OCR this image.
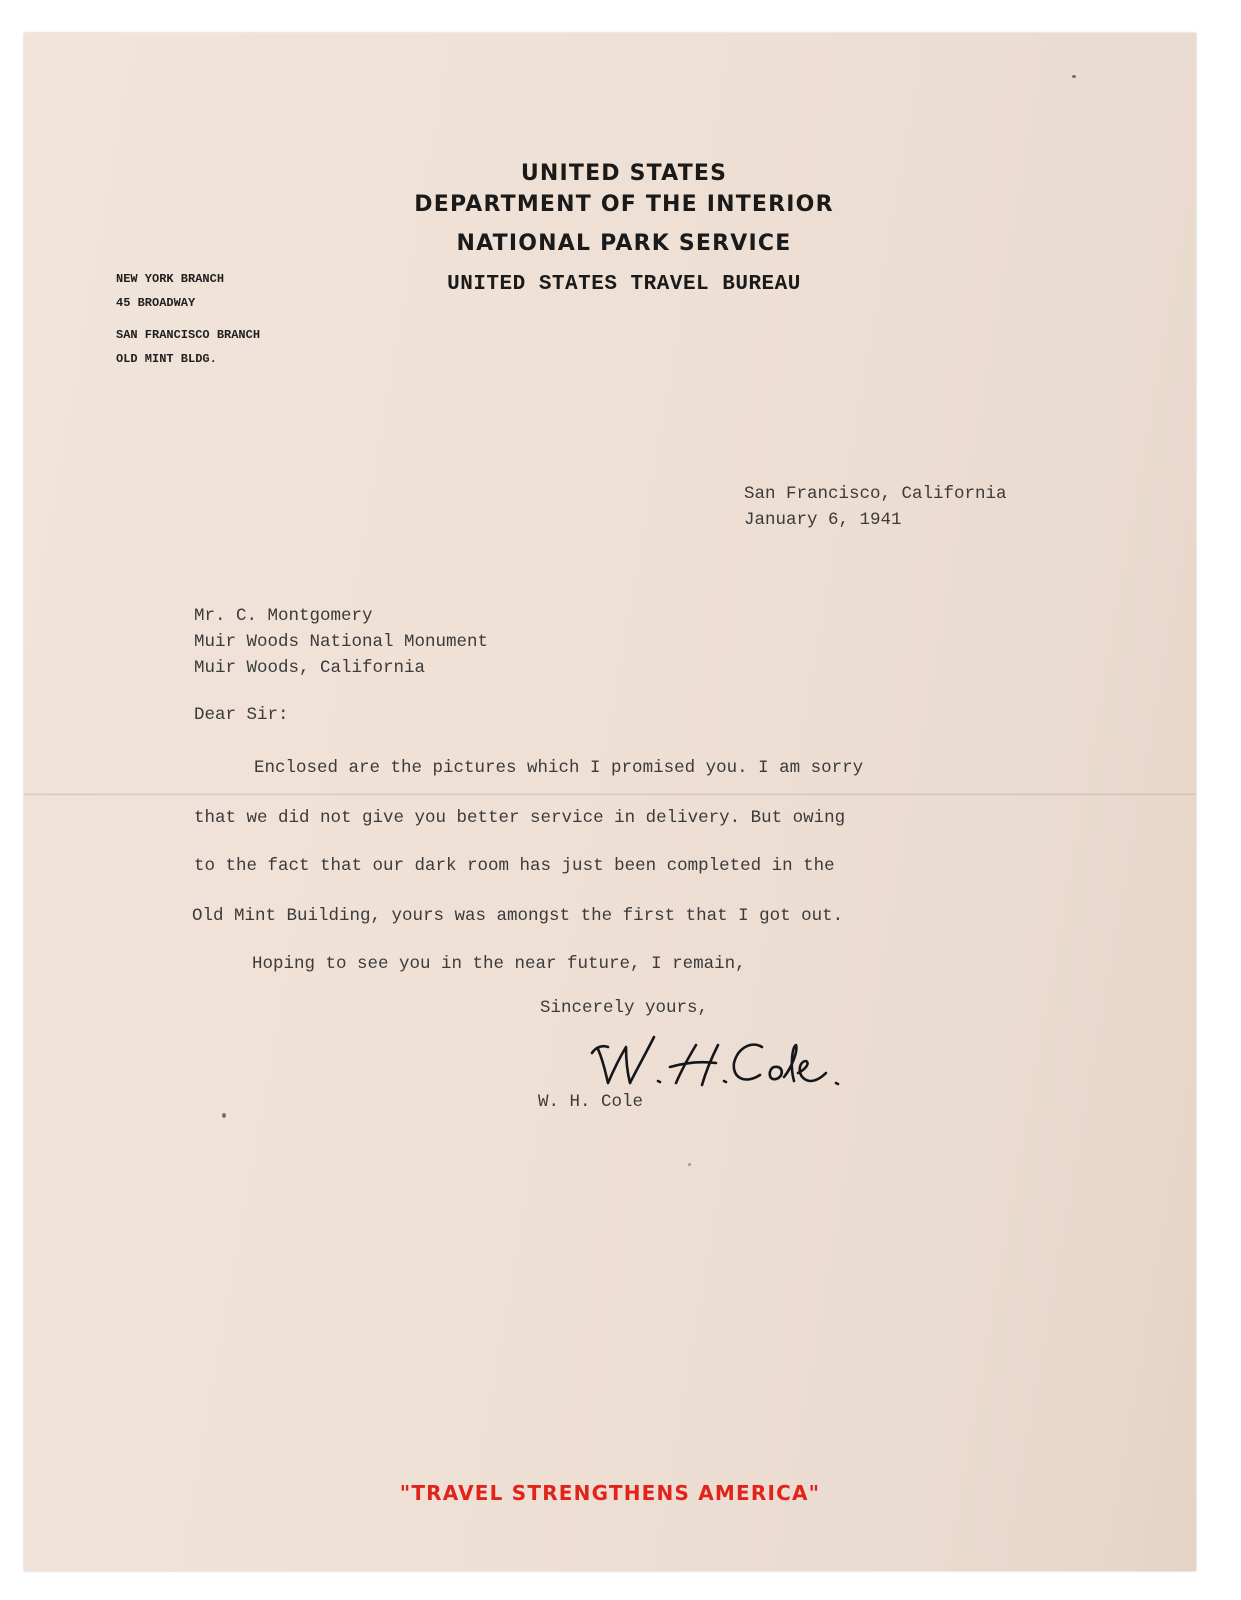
UNITED STATES
DEPARTMENT OF THE INTERIOR
NATIONAL PARK SERVICE
UNITED STATES TRAVEL BUREAU
NEW YORK BRANCH
45 BROADWAY
SAN FRANCISCO BRANCH
OLD MINT BLDG.
San Francisco, California
January 6, 1941
Mr. C. Montgomery
Muir Woods National Monument
Muir Woods, California
Dear Sir:
Enclosed are the pictures which I promised you. I am sorry
that we did not give you better service in delivery. But owing
to the fact that our dark room has just been completed in the
Old Mint Building, yours was amongst the first that I got out.
Hoping to see you in the near future, I remain,
Sincerely yours,
W. H. Cole
"TRAVEL STRENGTHENS AMERICA"
